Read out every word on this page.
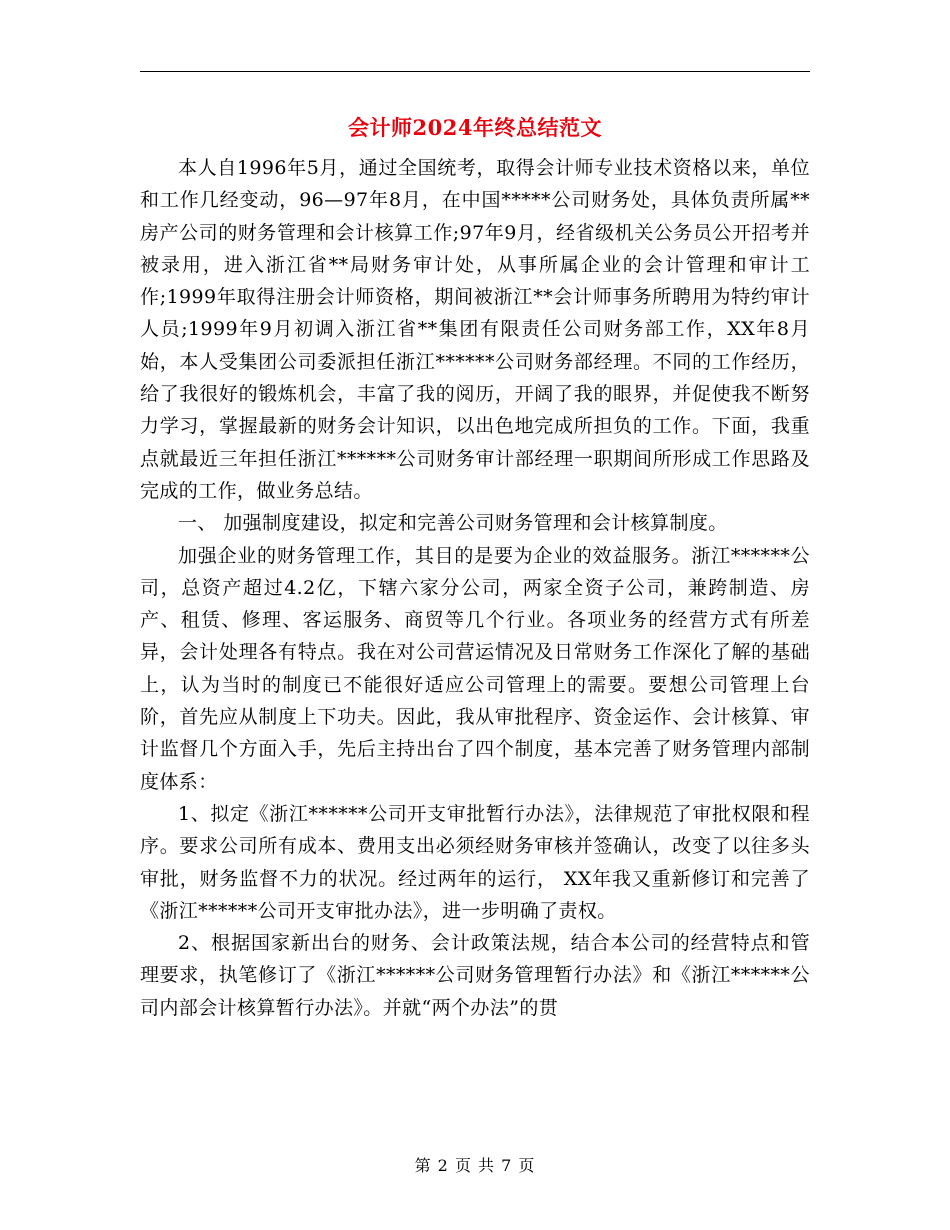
会计师2024年终总结范文

本人自1996年5月，通过全国统考，取得会计师专业技术资格以来，单位和工作几经变动，96—97年8月，在中国*****公司财务处，具体负责所属**房产公司的财务管理和会计核算工作;97年9月，经省级机关公务员公开招考并被录用，进入浙江省**局财务审计处，从事所属企业的会计管理和审计工作;1999年取得注册会计师资格，期间被浙江**会计师事务所聘用为特约审计人员;1999年9月初调入浙江省**集团有限责任公司财务部工作，XX年8月始，本人受集团公司委派担任浙江******公司财务部经理。不同的工作经历，给了我很好的锻炼机会，丰富了我的阅历，开阔了我的眼界，并促使我不断努力学习，掌握最新的财务会计知识，以出色地完成所担负的工作。下面，我重点就最近三年担任浙江******公司财务审计部经理一职期间所形成工作思路及完成的工作，做业务总结。

一、 加强制度建设，拟定和完善公司财务管理和会计核算制度。

加强企业的财务管理工作，其目的是要为企业的效益服务。浙江******公司，总资产超过4.2亿，下辖六家分公司，两家全资子公司，兼跨制造、房产、租赁、修理、客运服务、商贸等几个行业。各项业务的经营方式有所差异，会计处理各有特点。我在对公司营运情况及日常财务工作深化了解的基础上，认为当时的制度已不能很好适应公司管理上的需要。要想公司管理上台阶，首先应从制度上下功夫。因此，我从审批程序、资金运作、会计核算、审计监督几个方面入手，先后主持出台了四个制度，基本完善了财务管理内部制度体系：

1、拟定《浙江******公司开支审批暂行办法》，法律规范了审批权限和程序。要求公司所有成本、费用支出必须经财务审核并签确认，改变了以往多头审批，财务监督不力的状况。经过两年的运行， XX年我又重新修订和完善了《浙江******公司开支审批办法》，进一步明确了责权。

2、根据国家新出台的财务、会计政策法规，结合本公司的经营特点和管理要求，执笔修订了《浙江******公司财务管理暂行办法》和《浙江******公司内部会计核算暂行办法》。并就“两个办法”的贯

第 2 页 共 7 页
